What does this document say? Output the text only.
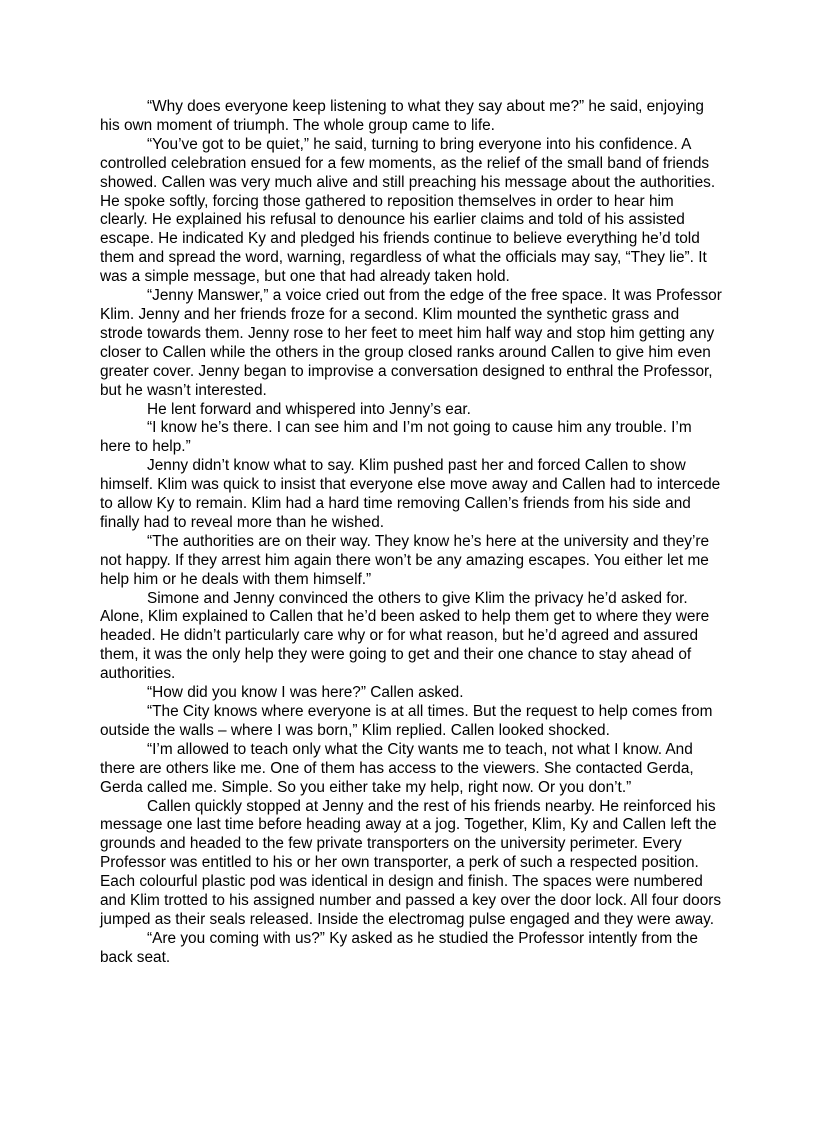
“Why does everyone keep listening to what they say about me?” he said, enjoying his own moment of triumph. The whole group came to life.

“You’ve got to be quiet,” he said, turning to bring everyone into his confidence. A controlled celebration ensued for a few moments, as the relief of the small band of friends showed. Callen was very much alive and still preaching his message about the authorities. He spoke softly, forcing those gathered to reposition themselves in order to hear him clearly. He explained his refusal to denounce his earlier claims and told of his assisted escape. He indicated Ky and pledged his friends continue to believe everything he’d told them and spread the word, warning, regardless of what the officials may say, “They lie”. It was a simple message, but one that had already taken hold.

“Jenny Manswer,” a voice cried out from the edge of the free space. It was Professor Klim. Jenny and her friends froze for a second. Klim mounted the synthetic grass and strode towards them. Jenny rose to her feet to meet him half way and stop him getting any closer to Callen while the others in the group closed ranks around Callen to give him even greater cover. Jenny began to improvise a conversation designed to enthral the Professor, but he wasn’t interested.

He lent forward and whispered into Jenny’s ear.

“I know he’s there. I can see him and I’m not going to cause him any trouble. I’m here to help.”

Jenny didn’t know what to say. Klim pushed past her and forced Callen to show himself. Klim was quick to insist that everyone else move away and Callen had to intercede to allow Ky to remain. Klim had a hard time removing Callen’s friends from his side and finally had to reveal more than he wished.

“The authorities are on their way. They know he’s here at the university and they’re not happy. If they arrest him again there won’t be any amazing escapes. You either let me help him or he deals with them himself.”

Simone and Jenny convinced the others to give Klim the privacy he’d asked for. Alone, Klim explained to Callen that he’d been asked to help them get to where they were headed. He didn’t particularly care why or for what reason, but he’d agreed and assured them, it was the only help they were going to get and their one chance to stay ahead of authorities.

“How did you know I was here?” Callen asked.

“The City knows where everyone is at all times. But the request to help comes from outside the walls – where I was born,” Klim replied. Callen looked shocked.

“I’m allowed to teach only what the City wants me to teach, not what I know. And there are others like me. One of them has access to the viewers. She contacted Gerda, Gerda called me. Simple. So you either take my help, right now. Or you don’t.”

Callen quickly stopped at Jenny and the rest of his friends nearby. He reinforced his message one last time before heading away at a jog. Together, Klim, Ky and Callen left the grounds and headed to the few private transporters on the university perimeter. Every Professor was entitled to his or her own transporter, a perk of such a respected position. Each colourful plastic pod was identical in design and finish. The spaces were numbered and Klim trotted to his assigned number and passed a key over the door lock. All four doors jumped as their seals released. Inside the electromag pulse engaged and they were away.

“Are you coming with us?” Ky asked as he studied the Professor intently from the back seat.
